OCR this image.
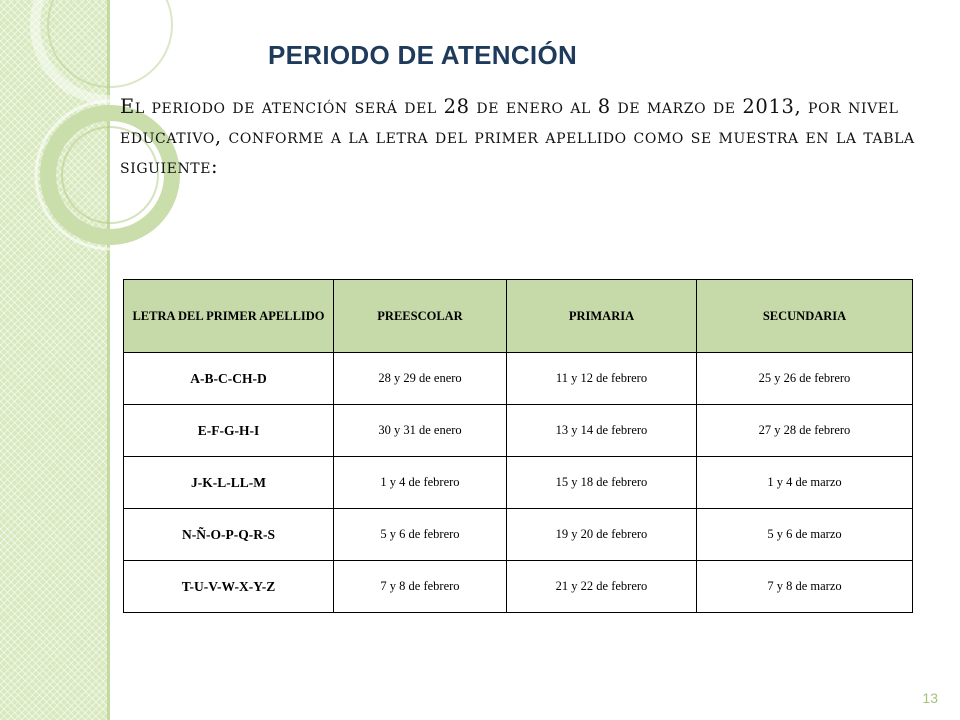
PERIODO DE ATENCIÓN

El periodo de atención será del 28 de enero al 8 de marzo de 2013, por nivel educativo, conforme a la letra del primer apellido como se muestra en la tabla siguiente:

LETRA DEL PRIMER APELLIDO	PREESCOLAR	PRIMARIA	SECUNDARIA
A-B-C-CH-D	28 y 29 de enero	11 y 12 de febrero	25 y 26 de febrero
E-F-G-H-I	30 y 31 de enero	13 y 14 de febrero	27 y 28 de febrero
J-K-L-LL-M	1 y 4 de febrero	15 y 18 de febrero	1 y 4 de marzo
N-Ñ-O-P-Q-R-S	5 y 6 de febrero	19 y 20 de febrero	5 y 6 de marzo
T-U-V-W-X-Y-Z	7 y 8 de febrero	21 y 22 de febrero	7 y 8 de marzo
13
